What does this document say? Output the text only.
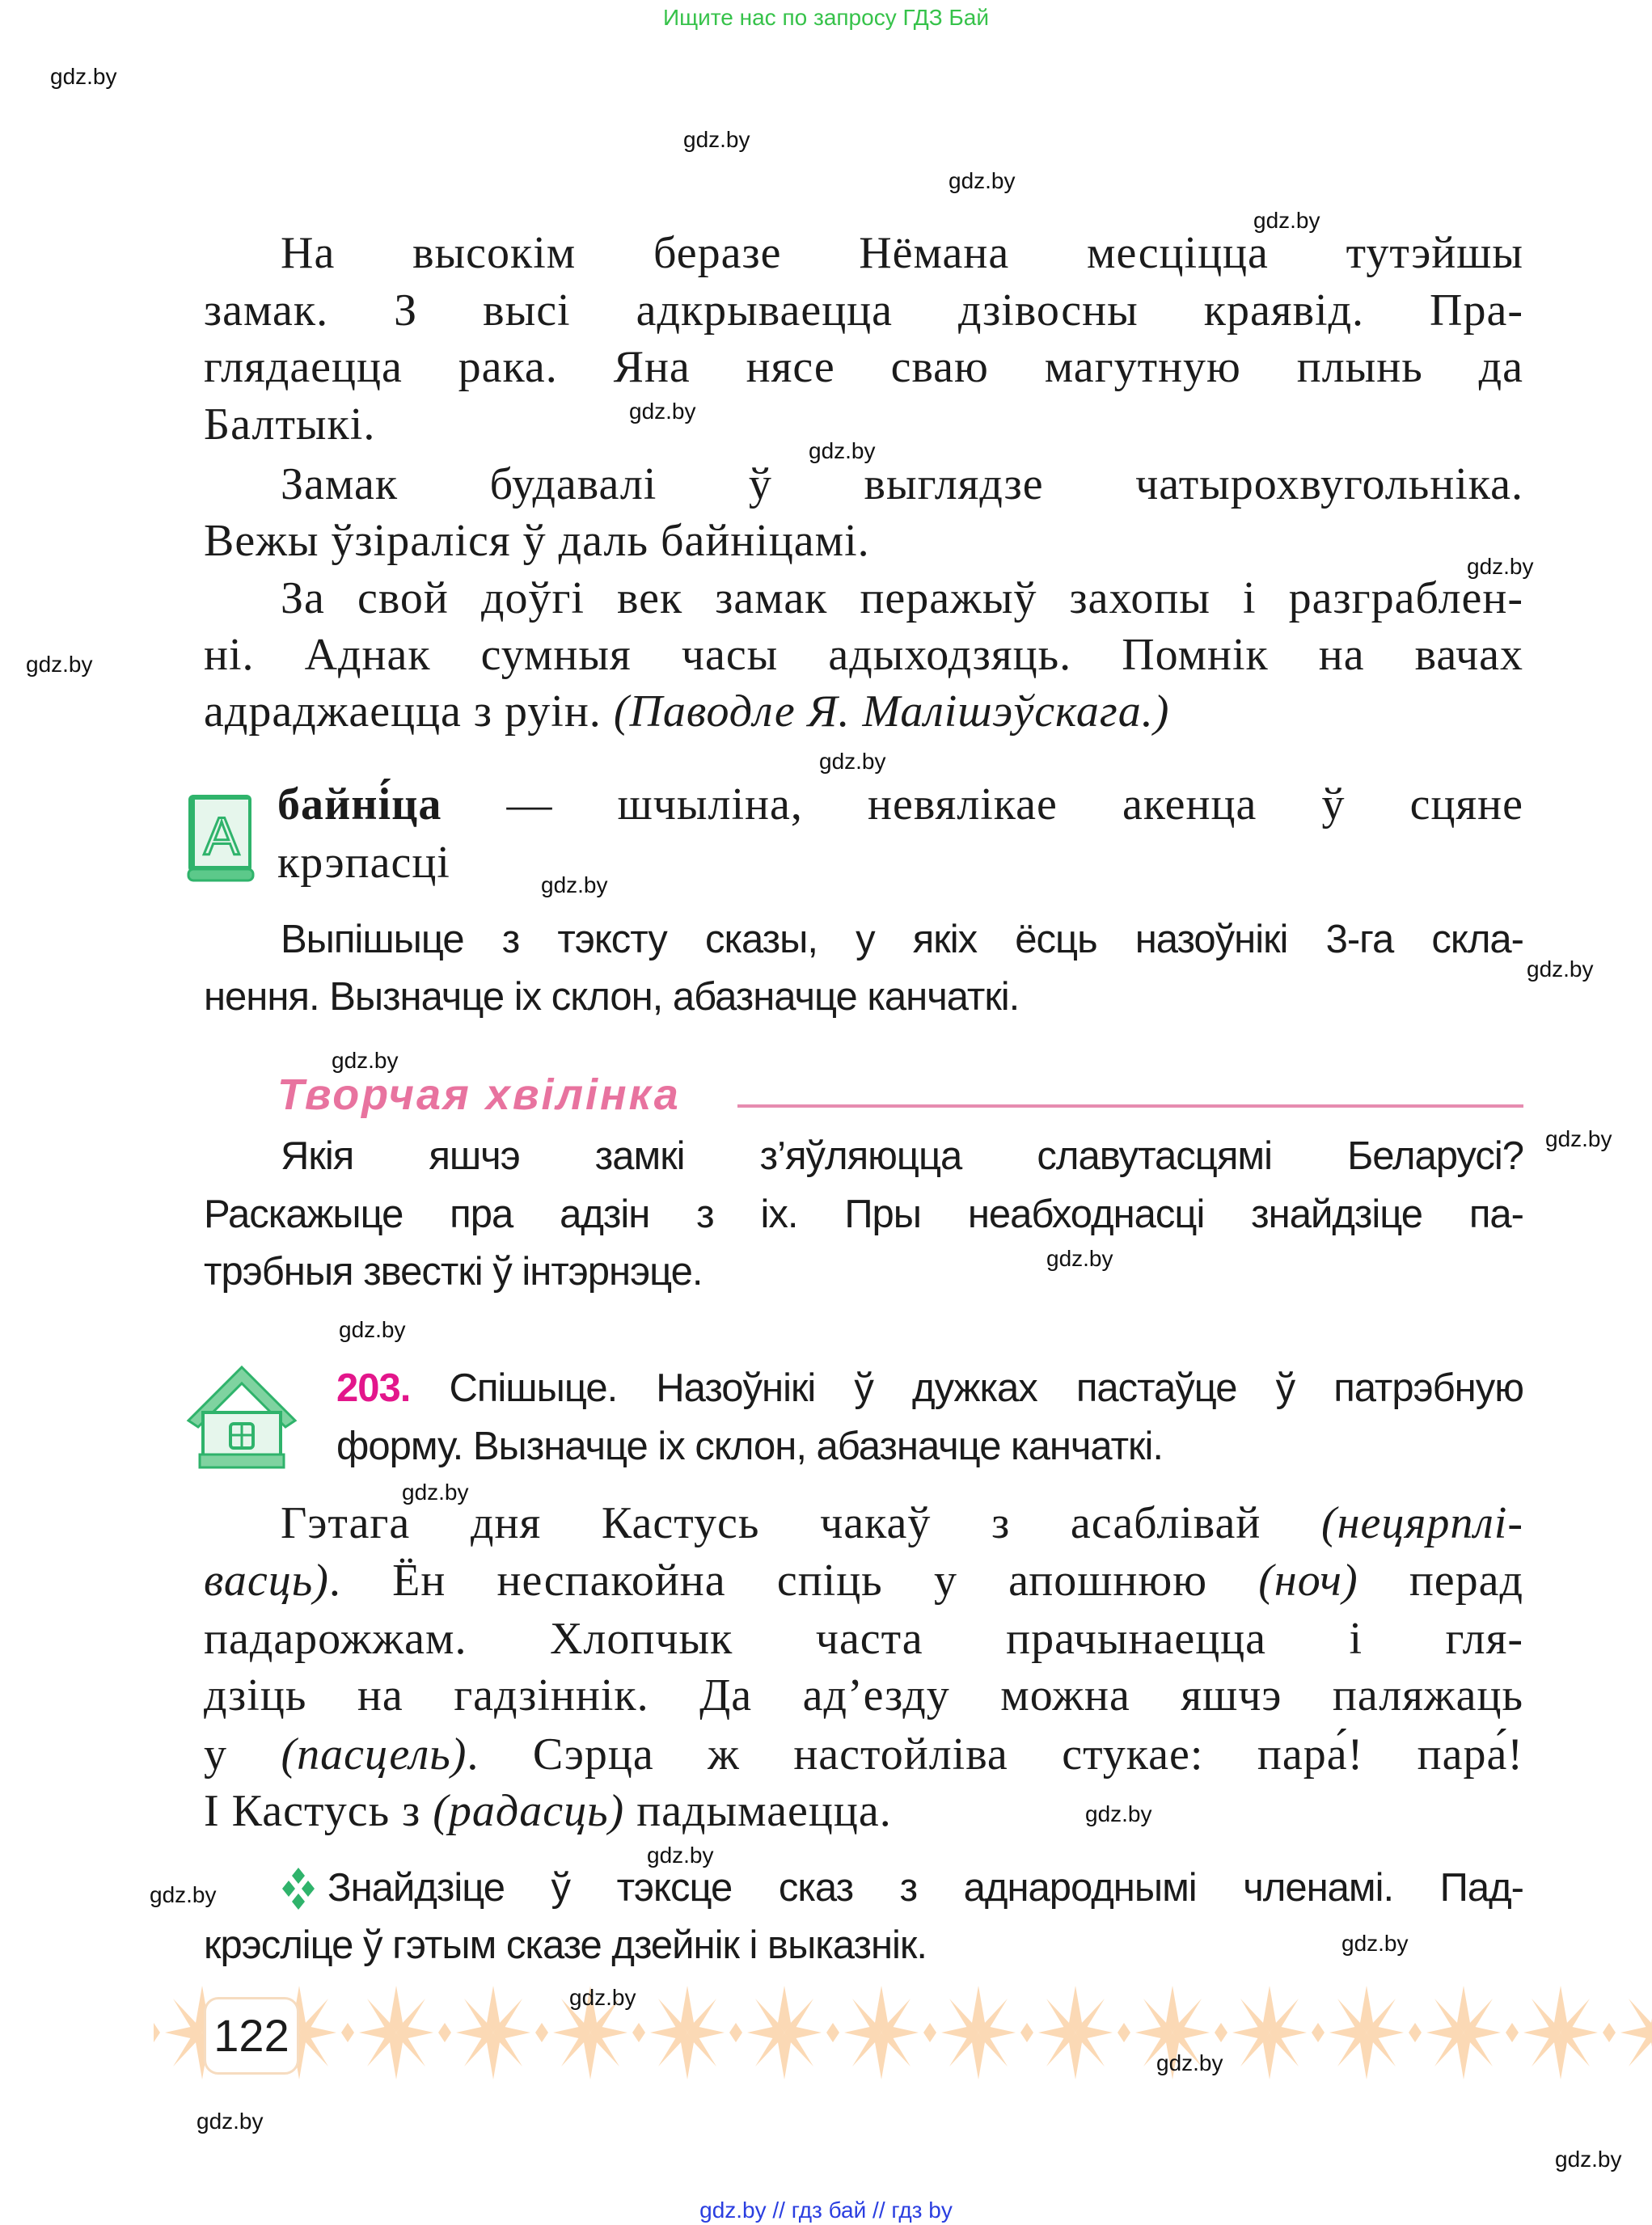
Ищите нас по запросу ГДЗ Бай
gdz.by
gdz.by
gdz.by
gdz.by
gdz.by
gdz.by
gdz.by
gdz.by
gdz.by
gdz.by
gdz.by
gdz.by
gdz.by
gdz.by
gdz.by
gdz.by
gdz.by
gdz.by
gdz.by
gdz.by
gdz.by
gdz.by
gdz.by
gdz.by
На высокім беразе Нёмана месціцца тутэйшы
замак. З высі адкрываецца дзівосны краявід. Пра-
глядаецца рака. Яна нясе сваю магутную плынь да
Балтыкі.
Замак будавалі ў выглядзе чатырохвугольніка.
Вежы ўзіраліся ў даль байніцамі.
За свой доўгі век замак перажыў захопы і разграблен-
ні. Аднак сумныя часы адыходзяць. Помнік на вачах
адраджаецца з руін. (Паводле Я. Малішэўскага.)
A
байні́ца — шчыліна, невялікае акенца ў сцяне
крэпасці
Выпішыце з тэксту сказы, у якіх ёсць назоўнікі 3-га скла-
нення. Вызначце іх склон, абазначце канчаткі.
Творчая хвілінка
Якія яшчэ замкі з’яўляюцца славутасцямі Беларусі?
Раскажыце пра адзін з іх. Пры неабходнасці знайдзіце па-
трэбныя звесткі ў інтэрнэце.
203. Спішыце. Назоўнікі ў дужках пастаўце ў патрэбную
форму. Вызначце іх склон, абазначце канчаткі.
Гэтага дня Кастусь чакаў з асаблівай (нецярплі-
васць). Ён неспакойна спіць у апошнюю (ноч) перад
падарожжам. Хлопчык часта прачынаецца і гля-
дзіць на гадзіннік. Да ад’езду можна яшчэ паляжаць
у (пасцель). Сэрца ж настойліва стукае: пара́! пара́!
І Кастусь з (радасць) падымаецца.
Знайдзіце ў тэксце сказ з аднароднымі членамі. Пад-
крэсліце ў гэтым сказе дзейнік і выказнік.
122
gdz.by // гдз бай // гдз by
